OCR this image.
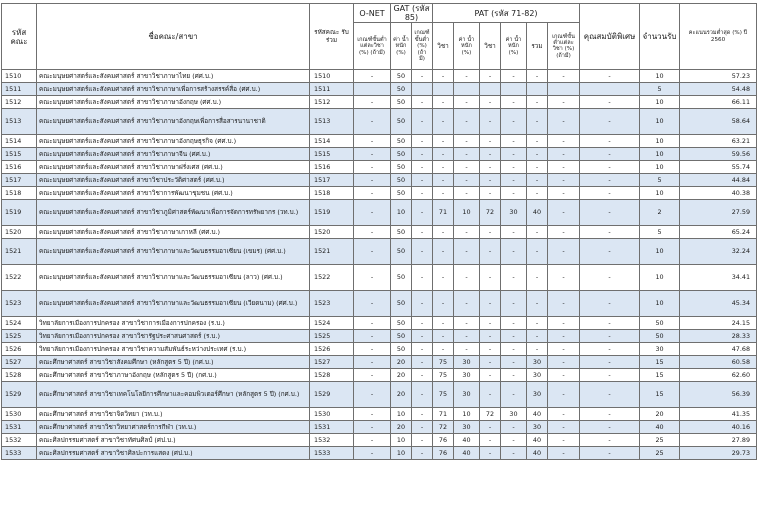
รหัสคณะ	ชื่อคณะ/สาขา	รหัสคณะ รับร่วม	O-NET	GAT (รหัส 85)		PAT (รหัส 71-82)						คุณสมบัติพิเศษ	จำนวนรับ	คะแนนรวมต่ำสุด (%) ปี 2560
			เกณฑ์ขั้นต่ำแต่ละวิชา (%) (ถ้ามี)	ค่า น้ำหนัก (%)	เกณฑ์ ขั้นต่ำ (%) (ถ้า มี)	วิชา	ค่า น้ำหนัก (%)	วิชา	ค่า น้ำหนัก (%)	รวม	เกณฑ์ขั้นต่ำแต่ละวิชา (%) (ถ้ามี)			
1510	คณะมนุษยศาสตร์และสังคมศาสตร์ สาขาวิชาภาษาไทย (ศศ.บ.)	1510	-	50	-	-	-	-	-	-	-	-	10	57.23
1511	คณะมนุษยศาสตร์และสังคมศาสตร์ สาขาวิชาภาษาเพื่อการสร้างสรรค์สื่อ (ศศ.บ.)	1511		50									5	54.48
1512	คณะมนุษยศาสตร์และสังคมศาสตร์ สาขาวิชาภาษาอังกฤษ (ศศ.บ.)	1512	-	50	-	-	-	-	-	-	-	-	10	66.11
1513	คณะมนุษยศาสตร์และสังคมศาสตร์ สาขาวิชาภาษาอังกฤษเพื่อการสื่อสารนานาชาติ	1513	-	50	-	-	-	-	-	-	-	-	10	58.64
1514	คณะมนุษยศาสตร์และสังคมศาสตร์ สาขาวิชาภาษาอังกฤษธุรกิจ (ศศ.บ.)	1514	-	50	-	-	-	-	-	-	-	-	10	63.21
1515	คณะมนุษยศาสตร์และสังคมศาสตร์ สาขาวิชาภาษาจีน (ศศ.บ.)	1515	-	50	-	-	-	-	-	-	-	-	10	59.56
1516	คณะมนุษยศาสตร์และสังคมศาสตร์ สาขาวิชาภาษาฝรั่งเศส (ศศ.บ.)	1516	-	50	-	-	-	-	-	-	-	-	10	55.74
1517	คณะมนุษยศาสตร์และสังคมศาสตร์ สาขาวิชาประวัติศาสตร์ (ศศ.บ.)	1517	-	50	-	-	-	-	-	-	-	-	5	44.84
1518	คณะมนุษยศาสตร์และสังคมศาสตร์ สาขาวิชาการพัฒนาชุมชน (ศศ.บ.)	1518	-	50	-	-	-	-	-	-	-	-	10	40.38
1519	คณะมนุษยศาสตร์และสังคมศาสตร์ สาขาวิชาภูมิศาสตร์พัฒนาเพื่อการจัดการทรัพยากร (วท.บ.)	1519	-	10	-	71	10	72	30	40	-	-	2	27.59
1520	คณะมนุษยศาสตร์และสังคมศาสตร์ สาขาวิชาภาษาเกาหลี (ศศ.บ.)	1520	-	50	-	-	-	-	-	-	-	-	5	65.24
1521	คณะมนุษยศาสตร์และสังคมศาสตร์ สาขาวิชาภาษาและวัฒนธรรมอาเซียน (เขมร) (ศศ.บ.)	1521	-	50	-	-	-	-	-	-	-	-	10	32.24
1522	คณะมนุษยศาสตร์และสังคมศาสตร์ สาขาวิชาภาษาและวัฒนธรรมอาเซียน (ลาว) (ศศ.บ.)	1522	-	50	-	-	-	-	-	-	-	-	10	34.41
1523	คณะมนุษยศาสตร์และสังคมศาสตร์ สาขาวิชาภาษาและวัฒนธรรมอาเซียน (เวียดนาม) (ศศ.บ.)	1523	-	50	-	-	-	-	-	-	-	-	10	45.34
1524	วิทยาลัยการเมืองการปกครอง สาขาวิชาการเมืองการปกครอง (ร.บ.)	1524	-	50	-	-	-	-	-	-	-	-	50	24.15
1525	วิทยาลัยการเมืองการปกครอง สาขาวิชารัฐประศาสนศาสตร์ (ร.บ.)	1525	-	50	-	-	-	-	-	-	-	-	50	28.33
1526	วิทยาลัยการเมืองการปกครอง สาขาวิชาความสัมพันธ์ระหว่างประเทศ (ร.บ.)	1526	-	50	-	-	-	-	-	-	-	-	30	47.68
1527	คณะศึกษาศาสตร์ สาขาวิชาสังคมศึกษา (หลักสูตร 5 ปี) (กศ.บ.)	1527	-	20	-	75	30	-	-	30	-	-	15	60.58
1528	คณะศึกษาศาสตร์ สาขาวิชาภาษาอังกฤษ (หลักสูตร 5 ปี) (กศ.บ.)	1528	-	20	-	75	30	-	-	30	-	-	15	62.60
1529	คณะศึกษาศาสตร์ สาขาวิชาเทคโนโลยีการศึกษาและคอมพิวเตอร์ศึกษา (หลักสูตร 5 ปี) (กศ.บ.)	1529	-	20	-	75	30	-	-	30	-	-	15	56.39
1530	คณะศึกษาศาสตร์ สาขาวิชาจิตวิทยา (วท.บ.)	1530	-	10	-	71	10	72	30	40	-	-	20	41.35
1531	คณะศึกษาศาสตร์ สาขาวิชาวิทยาศาสตร์การกีฬา (วท.บ.)	1531	-	20	-	72	30	-	-	30	-	-	40	40.16
1532	คณะศิลปกรรมศาสตร์ สาขาวิชาทัศนศิลป์ (ศป.บ.)	1532	-	10	-	76	40	-	-	40	-	-	25	27.89
1533	คณะศิลปกรรมศาสตร์ สาขาวิชาศิลปะการแสดง (ศป.บ.)	1533	-	10	-	76	40	-	-	40	-	-	25	29.73
